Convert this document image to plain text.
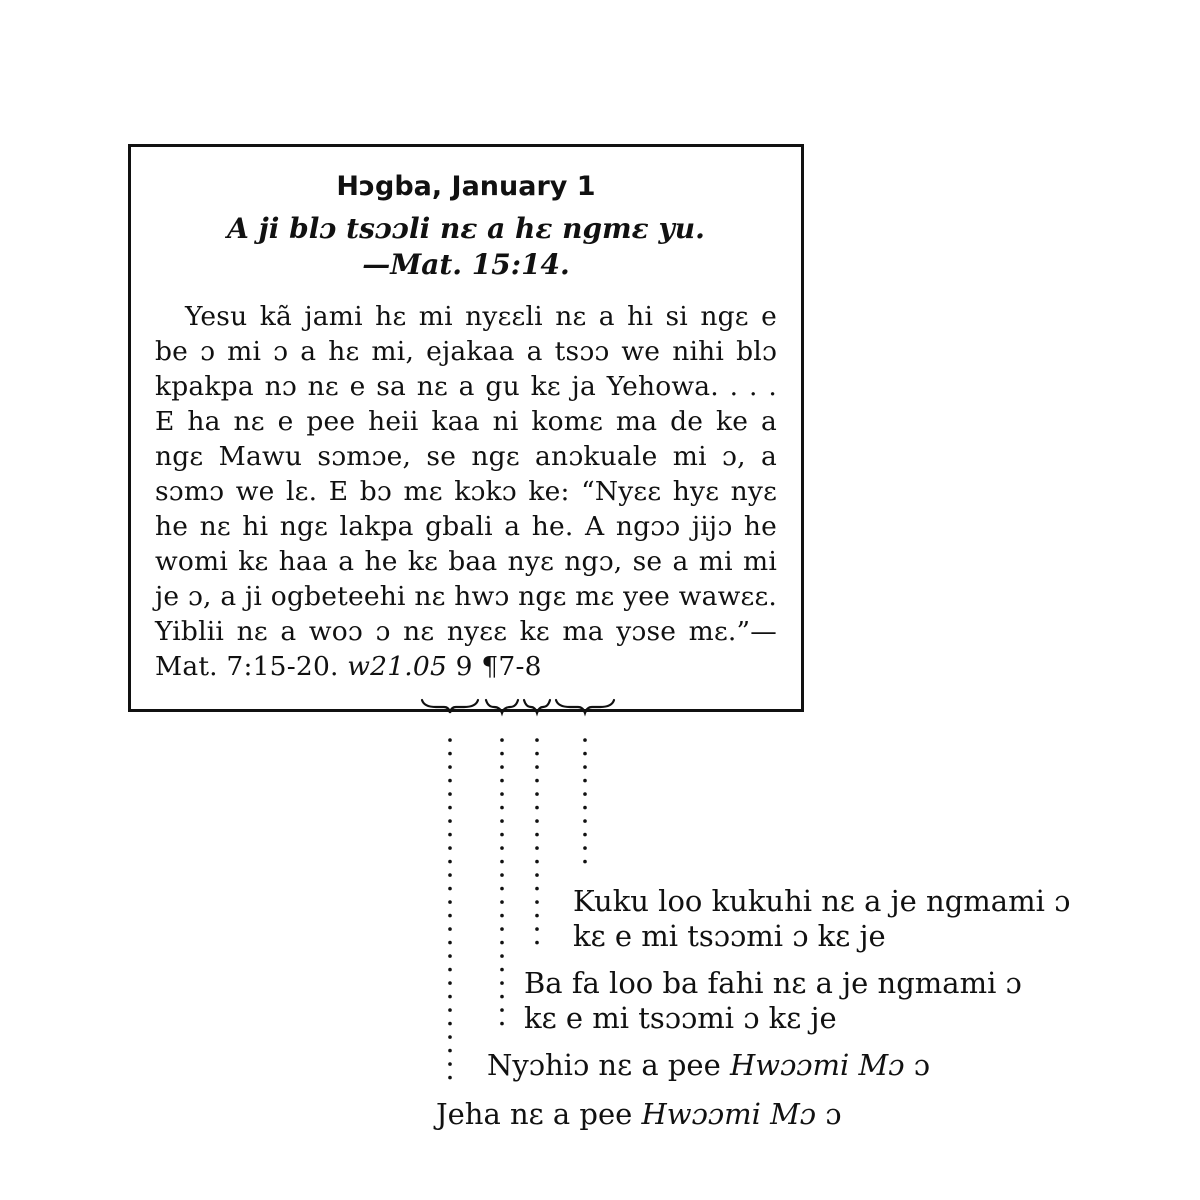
Hɔgba, January 1
A ji blɔ tsɔɔli nɛ a hɛ ngmɛ yu.
—Mat. 15:14.
Yesu kã jami hɛ mi nyɛɛli nɛ a hi si ngɛ e be ɔ mi ɔ a hɛ mi, ejakaa a tsɔɔ we nihi blɔ kpakpa nɔ nɛ e sa nɛ a gu kɛ ja Yehowa. . . . E ha nɛ e pee heii kaa ni komɛ ma de ke a ngɛ Mawu sɔmɔe, se ngɛ anɔkuale mi ɔ, a sɔmɔ we lɛ. E bɔ mɛ kɔkɔ ke: “Nyɛɛ hyɛ nyɛ he nɛ hi ngɛ lakpa gbali a he. A ngɔɔ jijɔ he womi kɛ haa a he kɛ baa nyɛ ngɔ, se a mi mi je ɔ, a ji ogbeteehi nɛ hwɔ ngɛ mɛ yee wawɛɛ. Yiblii nɛ a woɔ ɔ nɛ nyɛɛ kɛ ma yɔse mɛ.”—Mat. 7:15-20. w21.05 9 ¶7-8
Kuku loo kukuhi nɛ a je ngmami ɔ
kɛ e mi tsɔɔmi ɔ kɛ je
Ba fa loo ba fahi nɛ a je ngmami ɔ
kɛ e mi tsɔɔmi ɔ kɛ je
Nyɔhiɔ nɛ a pee Hwɔɔmi Mɔ ɔ
Jeha nɛ a pee Hwɔɔmi Mɔ ɔ
